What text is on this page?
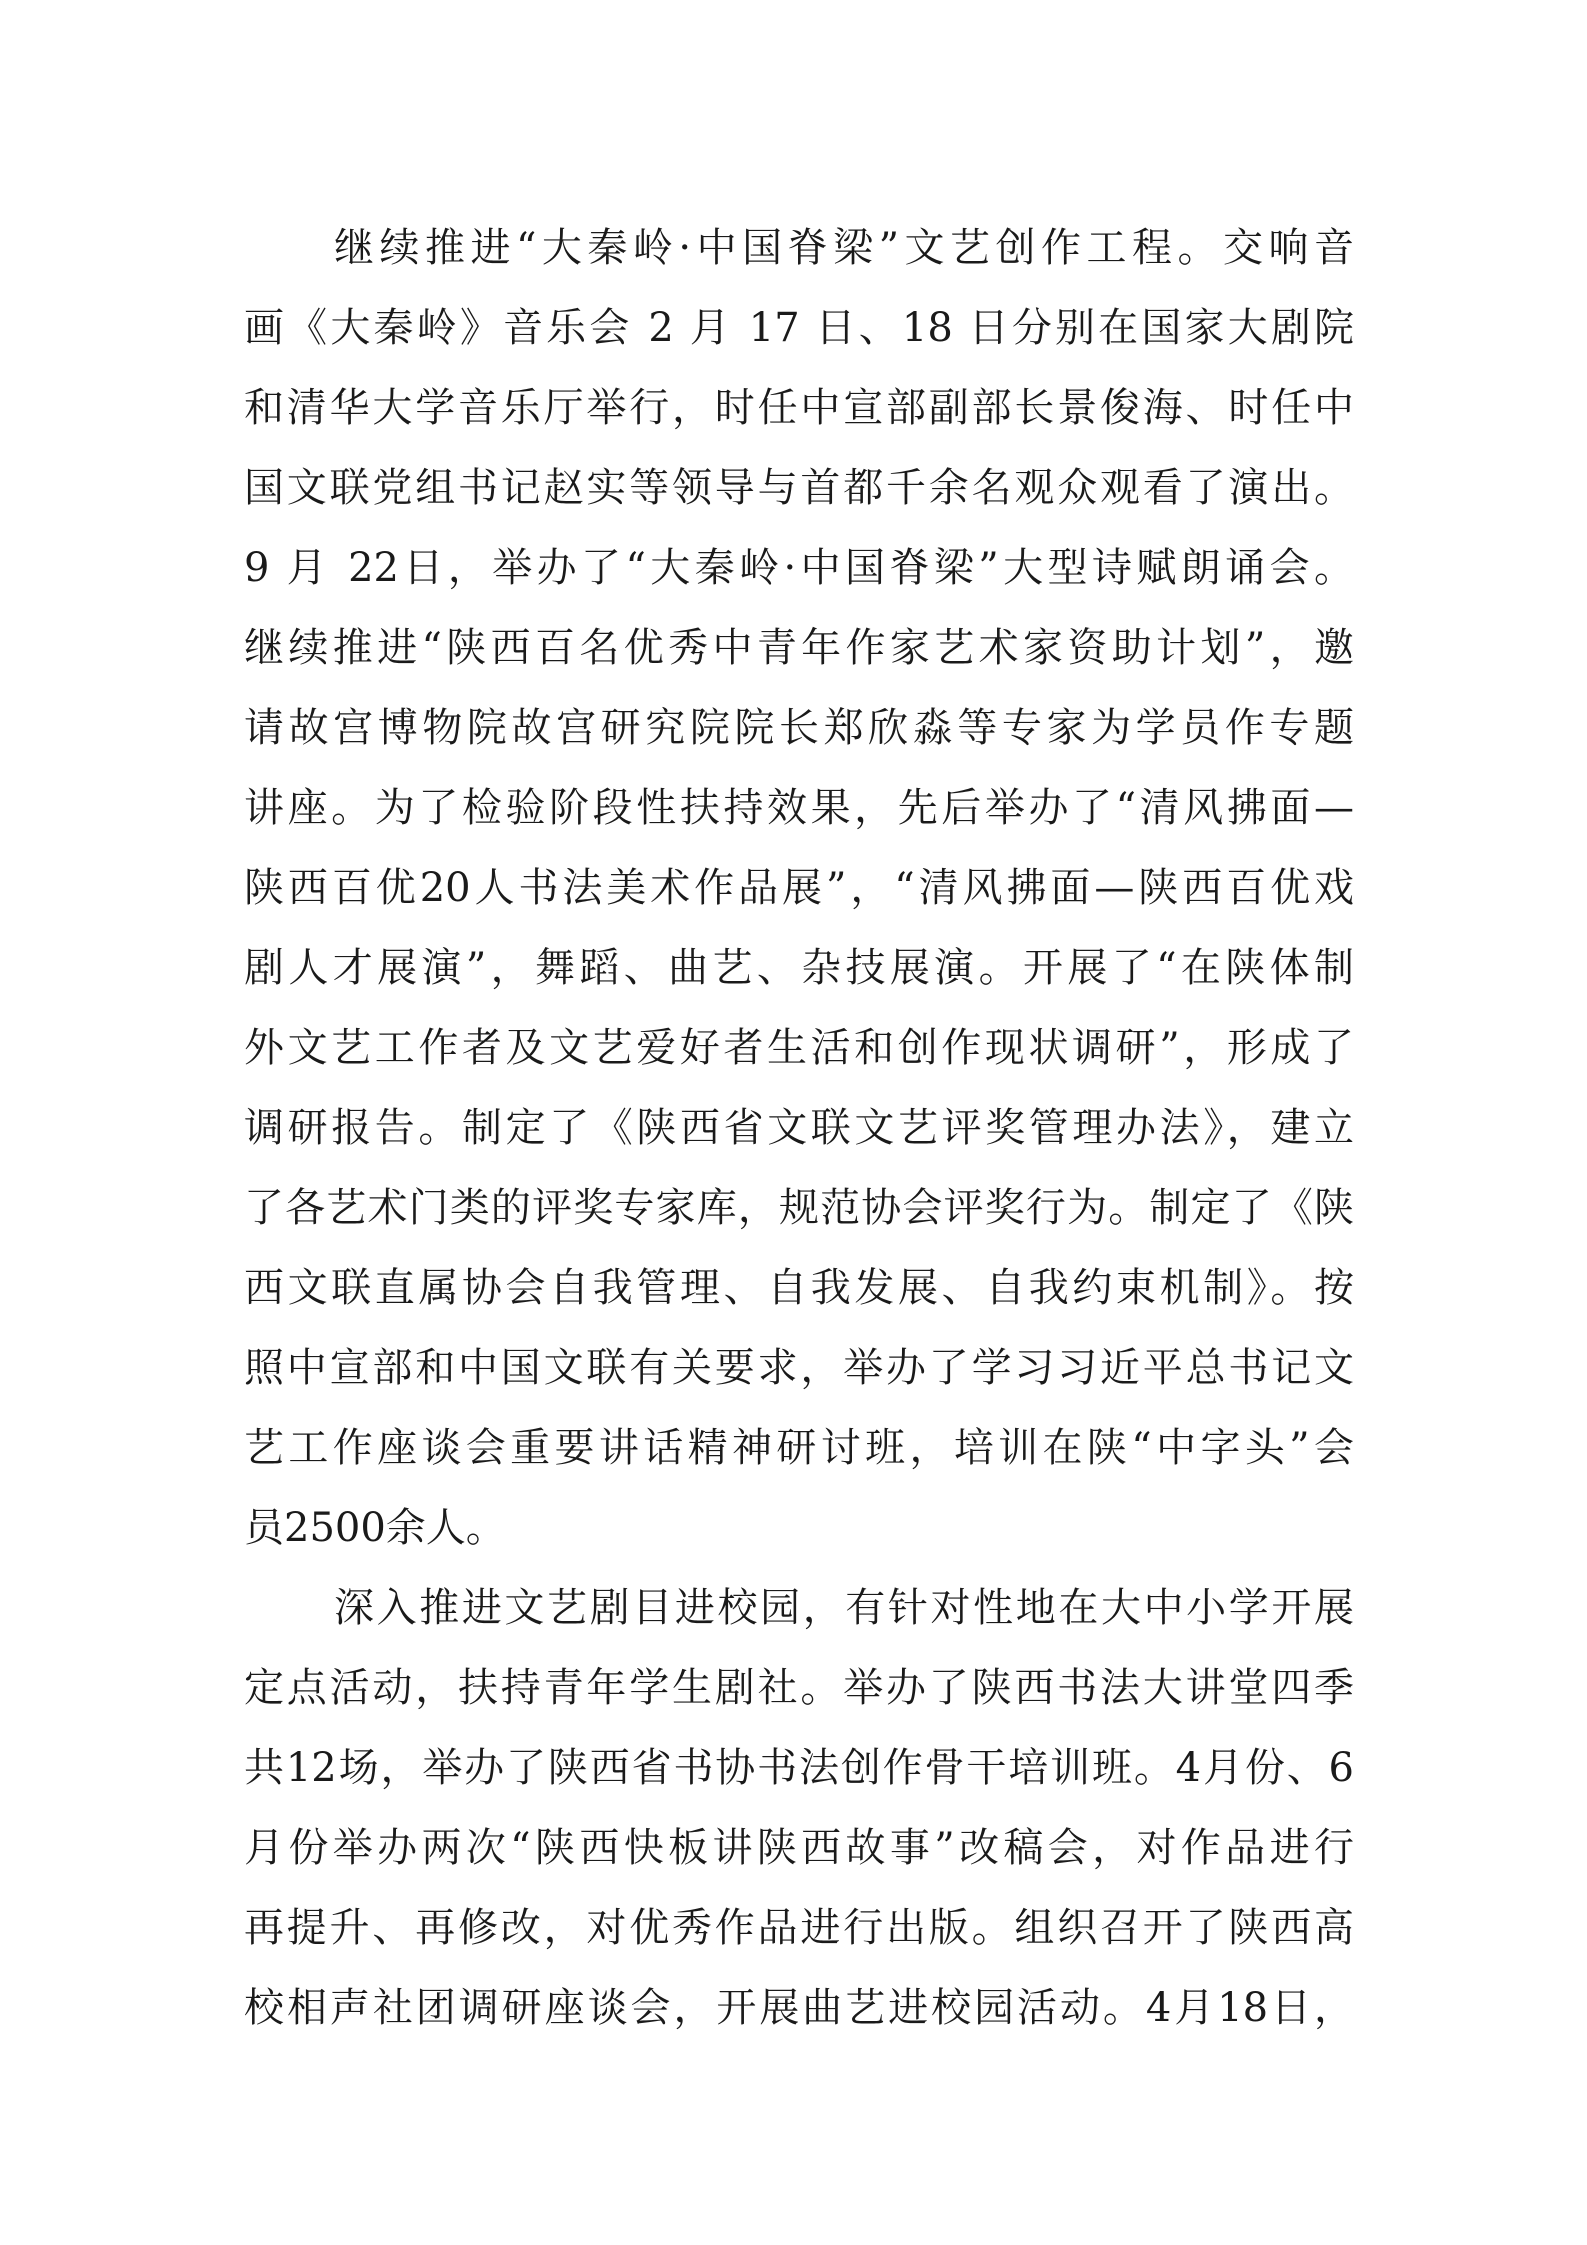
继续推进“大秦岭·中国脊梁”文艺创作工程。交响音
画《大秦岭》音乐会 2 月 17 日、18 日分别在国家大剧院
和清华大学音乐厅举行，时任中宣部副部长景俊海、时任中
国文联党组书记赵实等领导与首都千余名观众观看了演出。
9 月 22日，举办了“大秦岭·中国脊梁”大型诗赋朗诵会。
继续推进“陕西百名优秀中青年作家艺术家资助计划”，邀
请故宫博物院故宫研究院院长郑欣淼等专家为学员作专题
讲座。为了检验阶段性扶持效果，先后举办了“清风拂面—
陕西百优20人书法美术作品展”，“清风拂面—陕西百优戏
剧人才展演”，舞蹈、曲艺、杂技展演。开展了“在陕体制
外文艺工作者及文艺爱好者生活和创作现状调研”，形成了
调研报告。制定了《陕西省文联文艺评奖管理办法》，建立
了各艺术门类的评奖专家库，规范协会评奖行为。制定了《陕
西文联直属协会自我管理、自我发展、自我约束机制》。按
照中宣部和中国文联有关要求，举办了学习习近平总书记文
艺工作座谈会重要讲话精神研讨班，培训在陕“中字头”会
员2500余人。
深入推进文艺剧目进校园，有针对性地在大中小学开展
定点活动，扶持青年学生剧社。举办了陕西书法大讲堂四季
共12场，举办了陕西省书协书法创作骨干培训班。4月份、6
月份举办两次“陕西快板讲陕西故事”改稿会，对作品进行
再提升、再修改，对优秀作品进行出版。组织召开了陕西高
校相声社团调研座谈会，开展曲艺进校园活动。4月18日，
